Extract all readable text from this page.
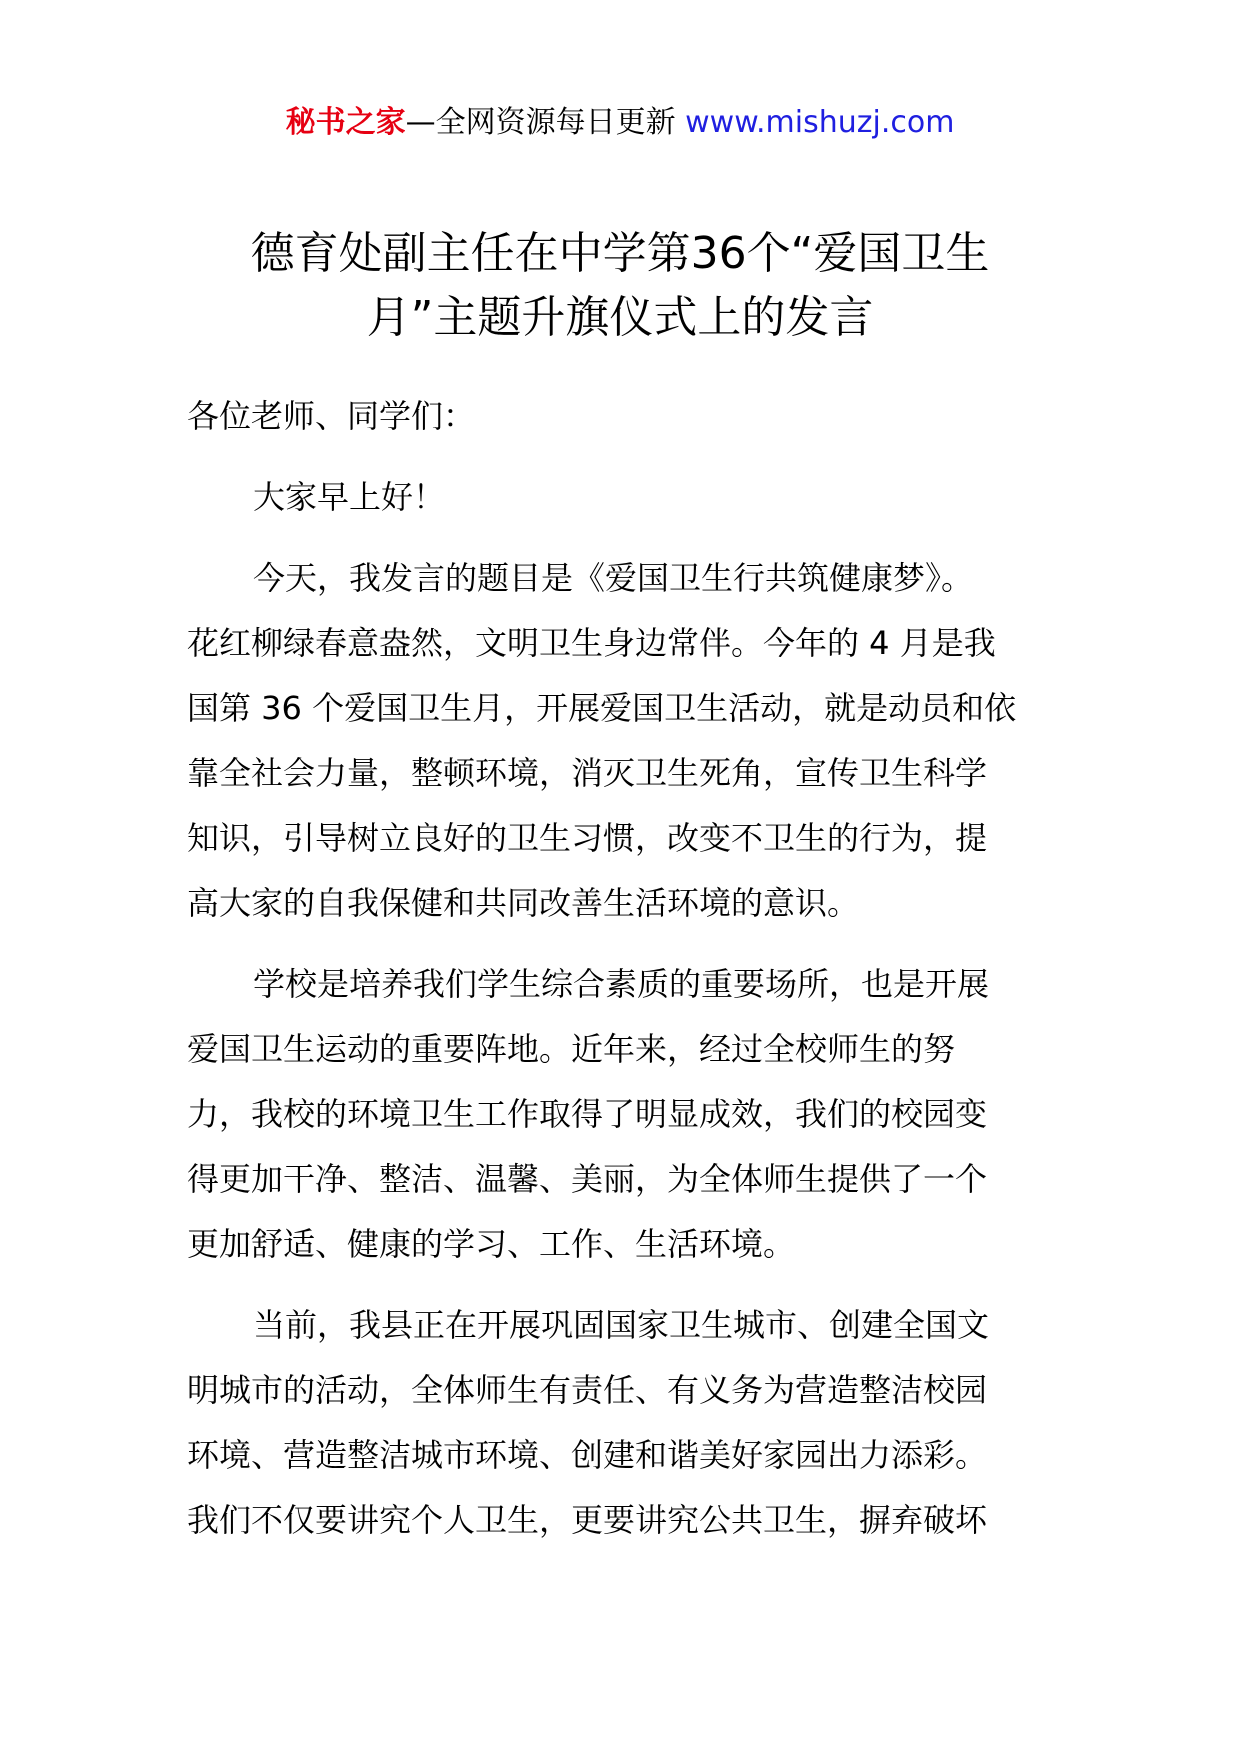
秘书之家—全网资源每日更新 www.mishuzj.com
德育处副主任在中学第36个“爱国卫生
月”主题升旗仪式上的发言
各位老师、同学们：
大家早上好！
今天，我发言的题目是《爱国卫生行共筑健康梦》。
花红柳绿春意盎然，文明卫生身边常伴。今年的 4 月是我
国第 36 个爱国卫生月，开展爱国卫生活动，就是动员和依
靠全社会力量，整顿环境，消灭卫生死角，宣传卫生科学
知识，引导树立良好的卫生习惯，改变不卫生的行为，提
高大家的自我保健和共同改善生活环境的意识。
学校是培养我们学生综合素质的重要场所，也是开展
爱国卫生运动的重要阵地。近年来，经过全校师生的努
力，我校的环境卫生工作取得了明显成效，我们的校园变
得更加干净、整洁、温馨、美丽，为全体师生提供了一个
更加舒适、健康的学习、工作、生活环境。
当前，我县正在开展巩固国家卫生城市、创建全国文
明城市的活动，全体师生有责任、有义务为营造整洁校园
环境、营造整洁城市环境、创建和谐美好家园出力添彩。
我们不仅要讲究个人卫生，更要讲究公共卫生，摒弃破坏
